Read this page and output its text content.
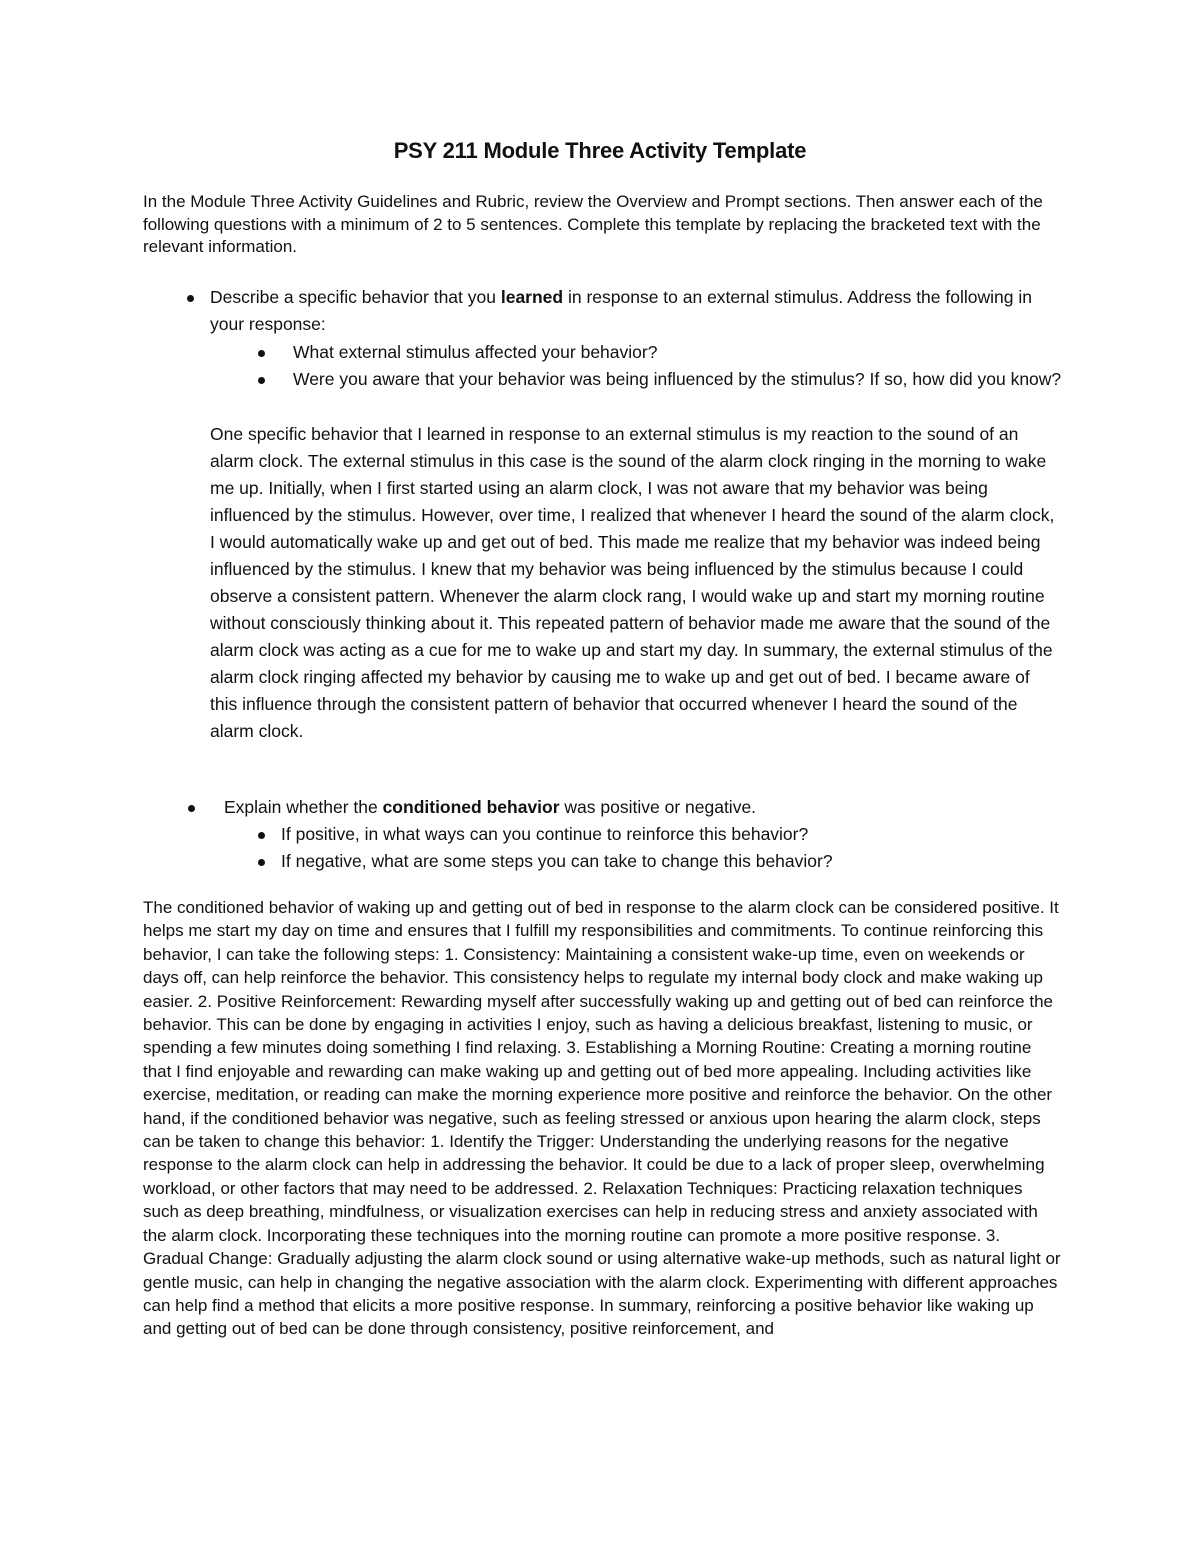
PSY 211 Module Three Activity Template

In the Module Three Activity Guidelines and Rubric, review the Overview and Prompt sections. Then answer each of the following questions with a minimum of 2 to 5 sentences. Complete this template by replacing the bracketed text with the relevant information.

Describe a specific behavior that you learned in response to an external stimulus. Address the following in your response:

What external stimulus affected your behavior?

Were you aware that your behavior was being influenced by the stimulus? If so, how did you know?

One specific behavior that I learned in response to an external stimulus is my reaction to the sound of an alarm clock. The external stimulus in this case is the sound of the alarm clock ringing in the morning to wake me up. Initially, when I first started using an alarm clock, I was not aware that my behavior was being influenced by the stimulus. However, over time, I realized that whenever I heard the sound of the alarm clock, I would automatically wake up and get out of bed. This made me realize that my behavior was indeed being influenced by the stimulus. I knew that my behavior was being influenced by the stimulus because I could observe a consistent pattern. Whenever the alarm clock rang, I would wake up and start my morning routine without consciously thinking about it. This repeated pattern of behavior made me aware that the sound of the alarm clock was acting as a cue for me to wake up and start my day. In summary, the external stimulus of the alarm clock ringing affected my behavior by causing me to wake up and get out of bed. I became aware of this influence through the consistent pattern of behavior that occurred whenever I heard the sound of the alarm clock.

Explain whether the conditioned behavior was positive or negative.

If positive, in what ways can you continue to reinforce this behavior?

If negative, what are some steps you can take to change this behavior?

The conditioned behavior of waking up and getting out of bed in response to the alarm clock can be considered positive. It helps me start my day on time and ensures that I fulfill my responsibilities and commitments. To continue reinforcing this behavior, I can take the following steps: 1. Consistency: Maintaining a consistent wake-up time, even on weekends or days off, can help reinforce the behavior. This consistency helps to regulate my internal body clock and make waking up easier. 2. Positive Reinforcement: Rewarding myself after successfully waking up and getting out of bed can reinforce the behavior. This can be done by engaging in activities I enjoy, such as having a delicious breakfast, listening to music, or spending a few minutes doing something I find relaxing. 3. Establishing a Morning Routine: Creating a morning routine that I find enjoyable and rewarding can make waking up and getting out of bed more appealing. Including activities like exercise, meditation, or reading can make the morning experience more positive and reinforce the behavior. On the other hand, if the conditioned behavior was negative, such as feeling stressed or anxious upon hearing the alarm clock, steps can be taken to change this behavior: 1. Identify the Trigger: Understanding the underlying reasons for the negative response to the alarm clock can help in addressing the behavior. It could be due to a lack of proper sleep, overwhelming workload, or other factors that may need to be addressed. 2. Relaxation Techniques: Practicing relaxation techniques such as deep breathing, mindfulness, or visualization exercises can help in reducing stress and anxiety associated with the alarm clock. Incorporating these techniques into the morning routine can promote a more positive response. 3. Gradual Change: Gradually adjusting the alarm clock sound or using alternative wake-up methods, such as natural light or gentle music, can help in changing the negative association with the alarm clock. Experimenting with different approaches can help find a method that elicits a more positive response. In summary, reinforcing a positive behavior like waking up and getting out of bed can be done through consistency, positive reinforcement, and
